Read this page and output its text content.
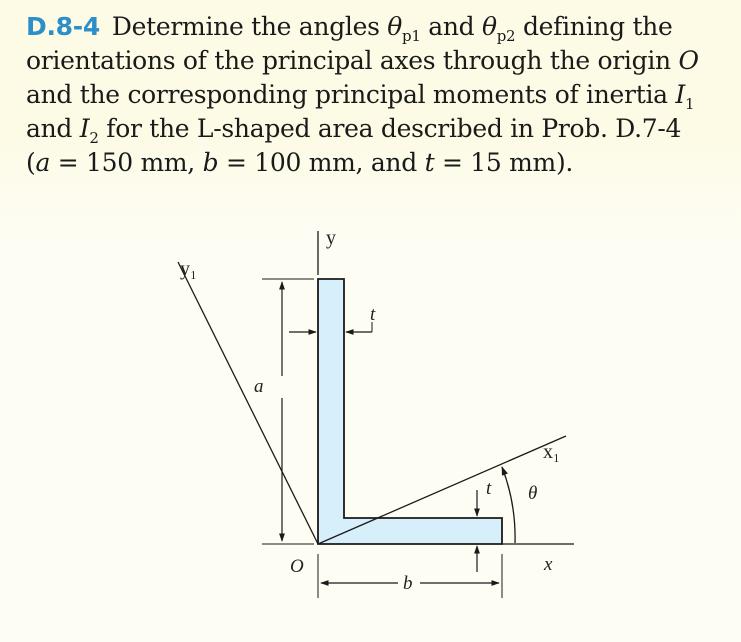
D.8-4 Determine the angles $\theta_{p1}$ and $\theta_{p2}$ defining the
orientations of the principal axes through the origin O
and the corresponding principal moments of inertia $I_1$
and $I_2$ for the L-shaped area described in Prob. D.7-4
(a = 150 mm, b = 100 mm, and t = 15 mm).

y
y₁
x₁
x
a
b
t
t θ
O
